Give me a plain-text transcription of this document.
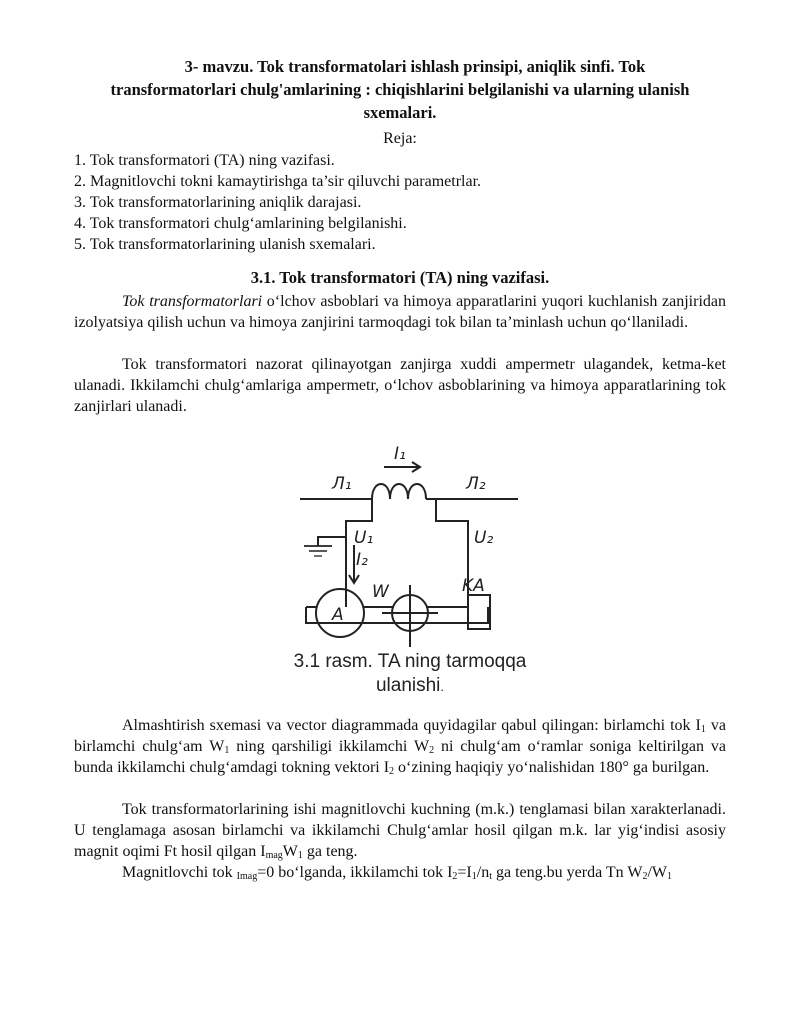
3- mavzu. Tok transformatolari ishlash prinsipi, aniqlik sinfi. Tok
transformatorlari chulg'amlarining : chiqishlarini belgilanishi va ularning ulanish
sxemalari.
Reja:
1. Tok transformatori (TA) ning vazifasi.
2. Magnitlovchi tokni kamaytirishga ta’sir qiluvchi parametrlar.
3. Tok transformatorlarining aniqlik darajasi.
4. Tok transformatori chulg‘amlarining belgilanishi.
5. Tok transformatorlarining ulanish sxemalari.
3.1. Tok transformatori (TA) ning vazifasi.
Tok transformatorlari o‘lchov asboblari va himoya apparatlarini yuqori kuchlanish zanjiridan izolyatsiya qilish uchun va himoya zanjirini tarmoqdagi tok bilan ta’minlash uchun qo‘llaniladi.
Tok transformatori nazorat qilinayotgan zanjirga xuddi ampermetr ulagandek, ketma-ket ulanadi. Ikkilamchi chulg‘amlariga ampermetr, o‘lchov asboblarining va himoya apparatlarining tok zanjirlari ulanadi.
Л₁	Л₂
I₁
U₁
I₂
U₂
W	KA
A
3.1 rasm. TA ning tarmoqqa
ulanishi.
Almashtirish sxemasi va vector diagrammada quyidagilar qabul qilingan: birlamchi tok $I_1$ va birlamchi chulg‘am $W_1$ ning qarshiligi ikkilamchi $W_2$ ni chulg‘am o‘ramlar soniga keltirilgan va bunda ikkilamchi chulg‘amdagi tokning vektori $I_2$ o‘zining haqiqiy yo‘nalishidan 180° ga burilgan.
Tok transformatorlarining ishi magnitlovchi kuchning (m.k.) tenglamasi bilan xarakterlanadi. U tenglamaga asosan birlamchi va ikkilamchi Chulg‘amlar hosil qilgan m.k. lar yig‘indisi asosiy magnit oqimi Ft hosil qilgan $I_{mag}W_1$ ga teng.
Magnitlovchi tok $_{Imag}$=0 bo‘lganda, ikkilamchi tok $I_2=I_1/n_t$ ga teng.bu yerda Tn $W_2/W_1$
